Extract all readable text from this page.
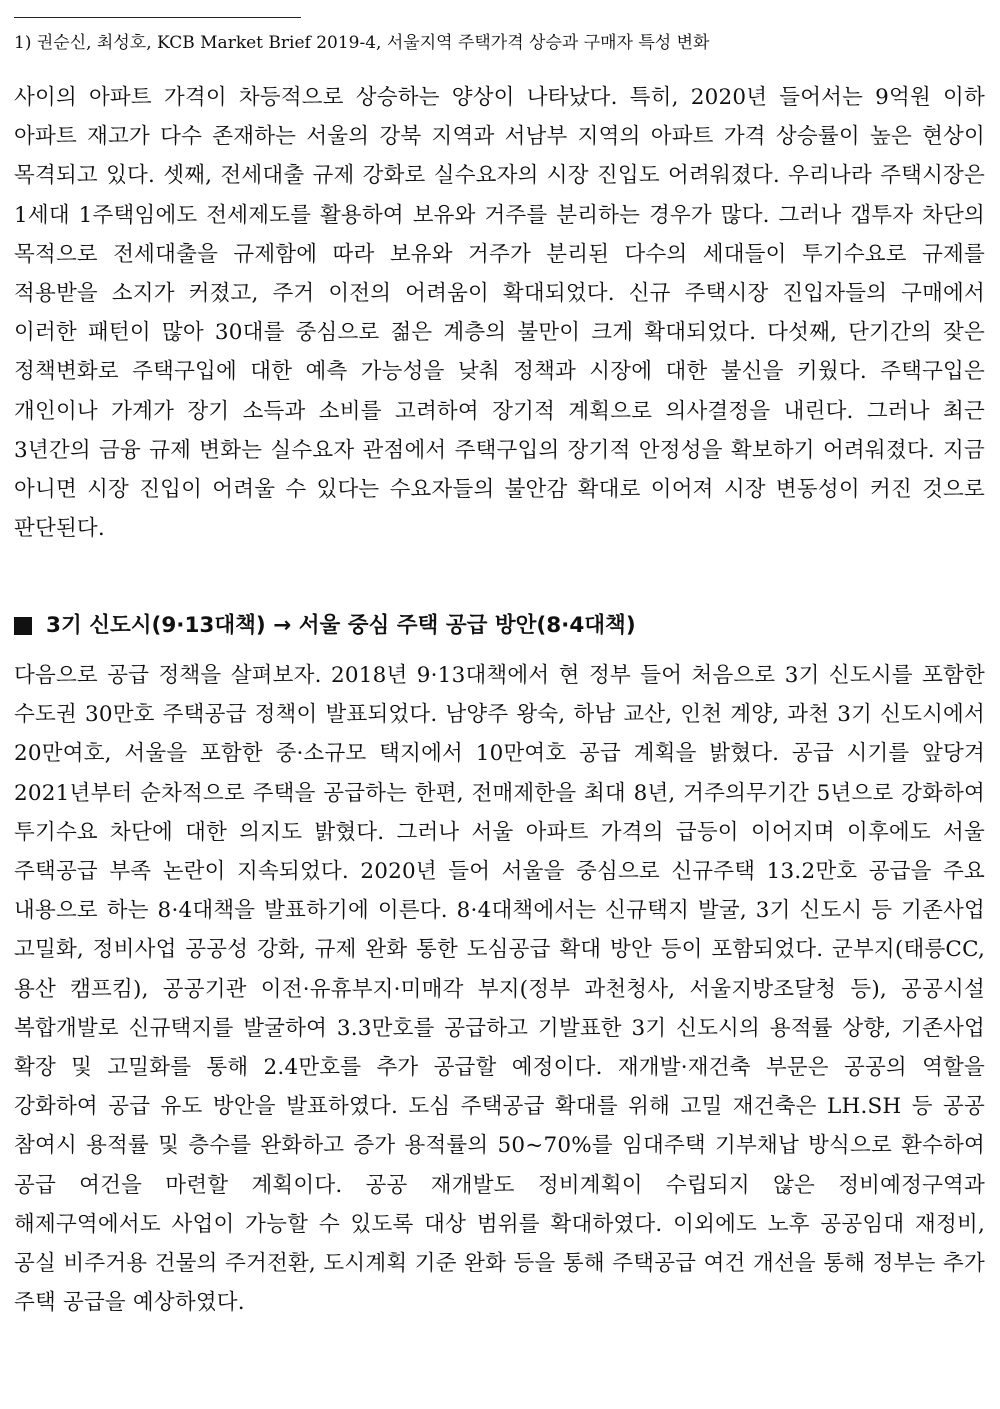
1) 권순신, 최성호, KCB Market Brief 2019-4, 서울지역 주택가격 상승과 구매자 특성 변화

사이의 아파트 가격이 차등적으로 상승하는 양상이 나타났다. 특히, 2020년 들어서는 9억원 이하 아파트 재고가 다수 존재하는 서울의 강북 지역과 서남부 지역의 아파트 가격 상승률이 높은 현상이 목격되고 있다. 셋째, 전세대출 규제 강화로 실수요자의 시장 진입도 어려워졌다. 우리나라 주택시장은 1세대 1주택임에도 전세제도를 활용하여 보유와 거주를 분리하는 경우가 많다. 그러나 갭투자 차단의 목적으로 전세대출을 규제함에 따라 보유와 거주가 분리된 다수의 세대들이 투기수요로 규제를 적용받을 소지가 커졌고, 주거 이전의 어려움이 확대되었다. 신규 주택시장 진입자들의 구매에서 이러한 패턴이 많아 30대를 중심으로 젊은 계층의 불만이 크게 확대되었다. 다섯째, 단기간의 잦은 정책변화로 주택구입에 대한 예측 가능성을 낮춰 정책과 시장에 대한 불신을 키웠다. 주택구입은 개인이나 가계가 장기 소득과 소비를 고려하여 장기적 계획으로 의사결정을 내린다. 그러나 최근 3년간의 금융 규제 변화는 실수요자 관점에서 주택구입의 장기적 안정성을 확보하기 어려워졌다. 지금 아니면 시장 진입이 어려울 수 있다는 수요자들의 불안감 확대로 이어져 시장 변동성이 커진 것으로 판단된다.

3기 신도시(9·13대책) → 서울 중심 주택 공급 방안(8·4대책)

다음으로 공급 정책을 살펴보자. 2018년 9·13대책에서 현 정부 들어 처음으로 3기 신도시를 포함한 수도권 30만호 주택공급 정책이 발표되었다. 남양주 왕숙, 하남 교산, 인천 계양, 과천 3기 신도시에서 20만여호, 서울을 포함한 중·소규모 택지에서 10만여호 공급 계획을 밝혔다. 공급 시기를 앞당겨 2021년부터 순차적으로 주택을 공급하는 한편, 전매제한을 최대 8년, 거주의무기간 5년으로 강화하여 투기수요 차단에 대한 의지도 밝혔다. 그러나 서울 아파트 가격의 급등이 이어지며 이후에도 서울 주택공급 부족 논란이 지속되었다. 2020년 들어 서울을 중심으로 신규주택 13.2만호 공급을 주요 내용으로 하는 8·4대책을 발표하기에 이른다. 8·4대책에서는 신규택지 발굴, 3기 신도시 등 기존사업 고밀화, 정비사업 공공성 강화, 규제 완화 통한 도심공급 확대 방안 등이 포함되었다. 군부지(태릉CC, 용산 캠프킴), 공공기관 이전·유휴부지·미매각 부지(정부 과천청사, 서울지방조달청 등), 공공시설 복합개발로 신규택지를 발굴하여 3.3만호를 공급하고 기발표한 3기 신도시의 용적률 상향, 기존사업 확장 및 고밀화를 통해 2.4만호를 추가 공급할 예정이다. 재개발·재건축 부문은 공공의 역할을 강화하여 공급 유도 방안을 발표하였다. 도심 주택공급 확대를 위해 고밀 재건축은 LH.SH 등 공공 참여시 용적률 및 층수를 완화하고 증가 용적률의 50~70%를 임대주택 기부채납 방식으로 환수하여 공급 여건을 마련할 계획이다. 공공 재개발도 정비계획이 수립되지 않은 정비예정구역과 해제구역에서도 사업이 가능할 수 있도록 대상 범위를 확대하였다. 이외에도 노후 공공임대 재정비, 공실 비주거용 건물의 주거전환, 도시계획 기준 완화 등을 통해 주택공급 여건 개선을 통해 정부는 추가 주택 공급을 예상하였다.
